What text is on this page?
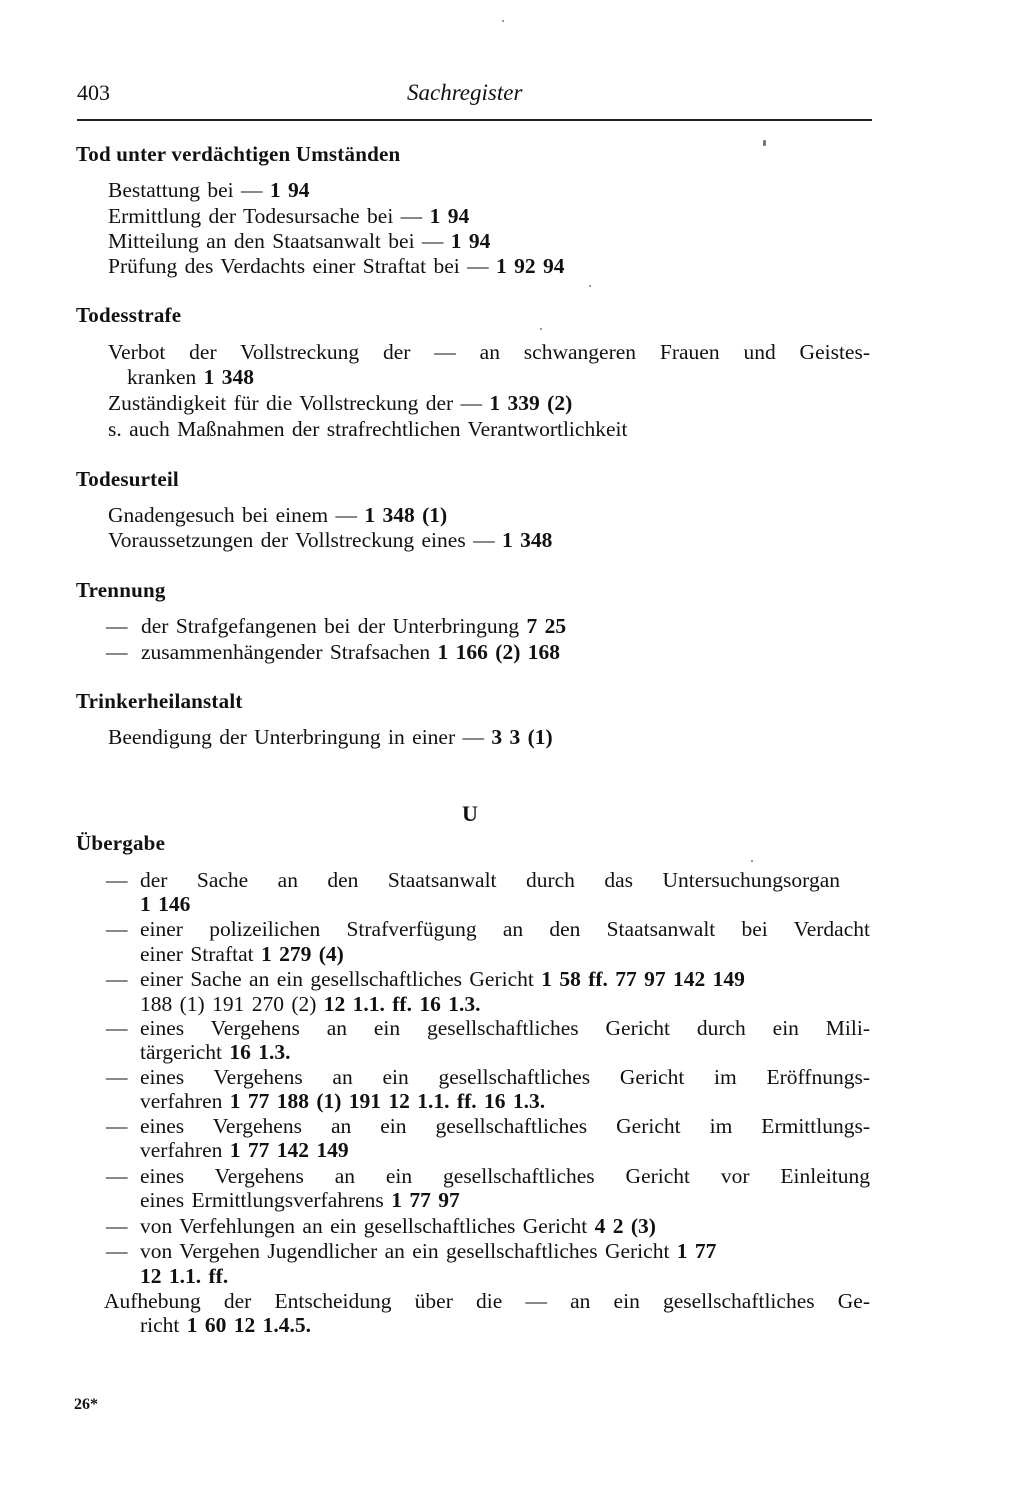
403	Sachregister
Tod unter verdächtigen Umständen
Bestattung bei — 1 94
Ermittlung der Todesursache bei — 1 94
Mitteilung an den Staatsanwalt bei — 1 94
Prüfung des Verdachts einer Straftat bei — 1 92 94
Todesstrafe
Verbot der Vollstreckung der — an schwangeren Frauen und Geistes-
kranken 1 348
Zuständigkeit für die Vollstreckung der — 1 339 (2)
s. auch Maßnahmen der strafrechtlichen Verantwortlichkeit
Todesurteil
Gnadengesuch bei einem — 1 348 (1)
Voraussetzungen der Vollstreckung eines — 1 348
Trennung
— der Strafgefangenen bei der Unterbringung 7 25
— zusammenhängender Strafsachen 1 166 (2) 168
Trinkerheilanstalt
Beendigung der Unterbringung in einer — 3 3 (1)
U
Übergabe
— der Sache an den Staatsanwalt durch das Untersuchungsorgan
1 146
— einer polizeilichen Strafverfügung an den Staatsanwalt bei Verdacht
einer Straftat 1 279 (4)
— einer Sache an ein gesellschaftliches Gericht 1 58 ff. 77 97 142 149
188 (1) 191 270 (2) 12 1.1. ff. 16 1.3.
— eines Vergehens an ein gesellschaftliches Gericht durch ein Mili-
tärgericht 16 1.3.
— eines Vergehens an ein gesellschaftliches Gericht im Eröffnungs-
verfahren 1 77 188 (1) 191 12 1.1. ff. 16 1.3.
— eines Vergehens an ein gesellschaftliches Gericht im Ermittlungs-
verfahren 1 77 142 149
— eines Vergehens an ein gesellschaftliches Gericht vor Einleitung
eines Ermittlungsverfahrens 1 77 97
— von Verfehlungen an ein gesellschaftliches Gericht 4 2 (3)
— von Vergehen Jugendlicher an ein gesellschaftliches Gericht 1 77
12 1.1. ff.
Aufhebung der Entscheidung über die — an ein gesellschaftliches Ge-
richt 1 60 12 1.4.5.
26*
